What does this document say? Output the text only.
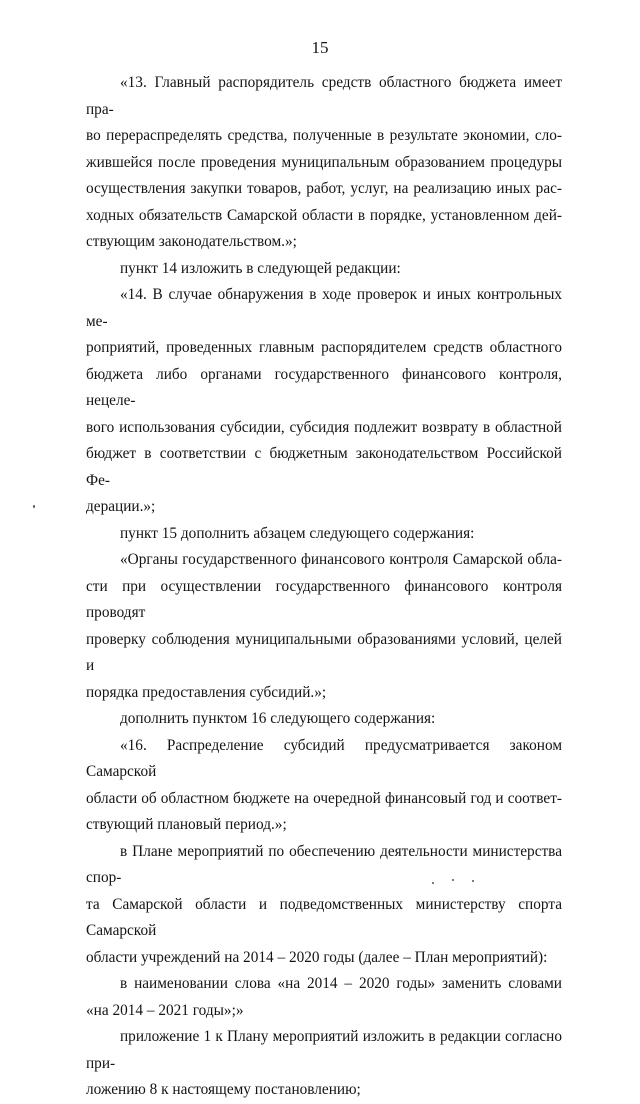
15

«13. Главный распорядитель средств областного бюджета имеет пра-
во перераспределять средства, полученные в результате экономии, сло-
жившейся после проведения муниципальным образованием процедуры
осуществления закупки товаров, работ, услуг, на реализацию иных рас-
ходных обязательств Самарской области в порядке, установленном дей-
ствующим законодательством.»;

пункт 14 изложить в следующей редакции:

«14. В случае обнаружения в ходе проверок и иных контрольных ме-
роприятий, проведенных главным распорядителем средств областного
бюджета либо органами государственного финансового контроля, нецеле-
вого использования субсидии, субсидия подлежит возврату в областной
бюджет в соответствии с бюджетным законодательством Российской Фе-
дерации.»;

пункт 15 дополнить абзацем следующего содержания:

«Органы государственного финансового контроля Самарской обла-
сти при осуществлении государственного финансового контроля проводят
проверку соблюдения муниципальными образованиями условий, целей и
порядка предоставления субсидий.»;

дополнить пунктом 16 следующего содержания:

«16. Распределение субсидий предусматривается законом Самарской
области об областном бюджете на очередной финансовый год и соответ-
ствующий плановый период.»;

в Плане мероприятий по обеспечению деятельности министерства спор-
та Самарской области и подведомственных министерству спорта Самарской
области учреждений на 2014 – 2020 годы (далее – План мероприятий):

в наименовании слова «на 2014 – 2020 годы» заменить словами
«на 2014 – 2021 годы»;»

приложение 1 к Плану мероприятий изложить в редакции согласно при-
ложению 8 к настоящему постановлению;
